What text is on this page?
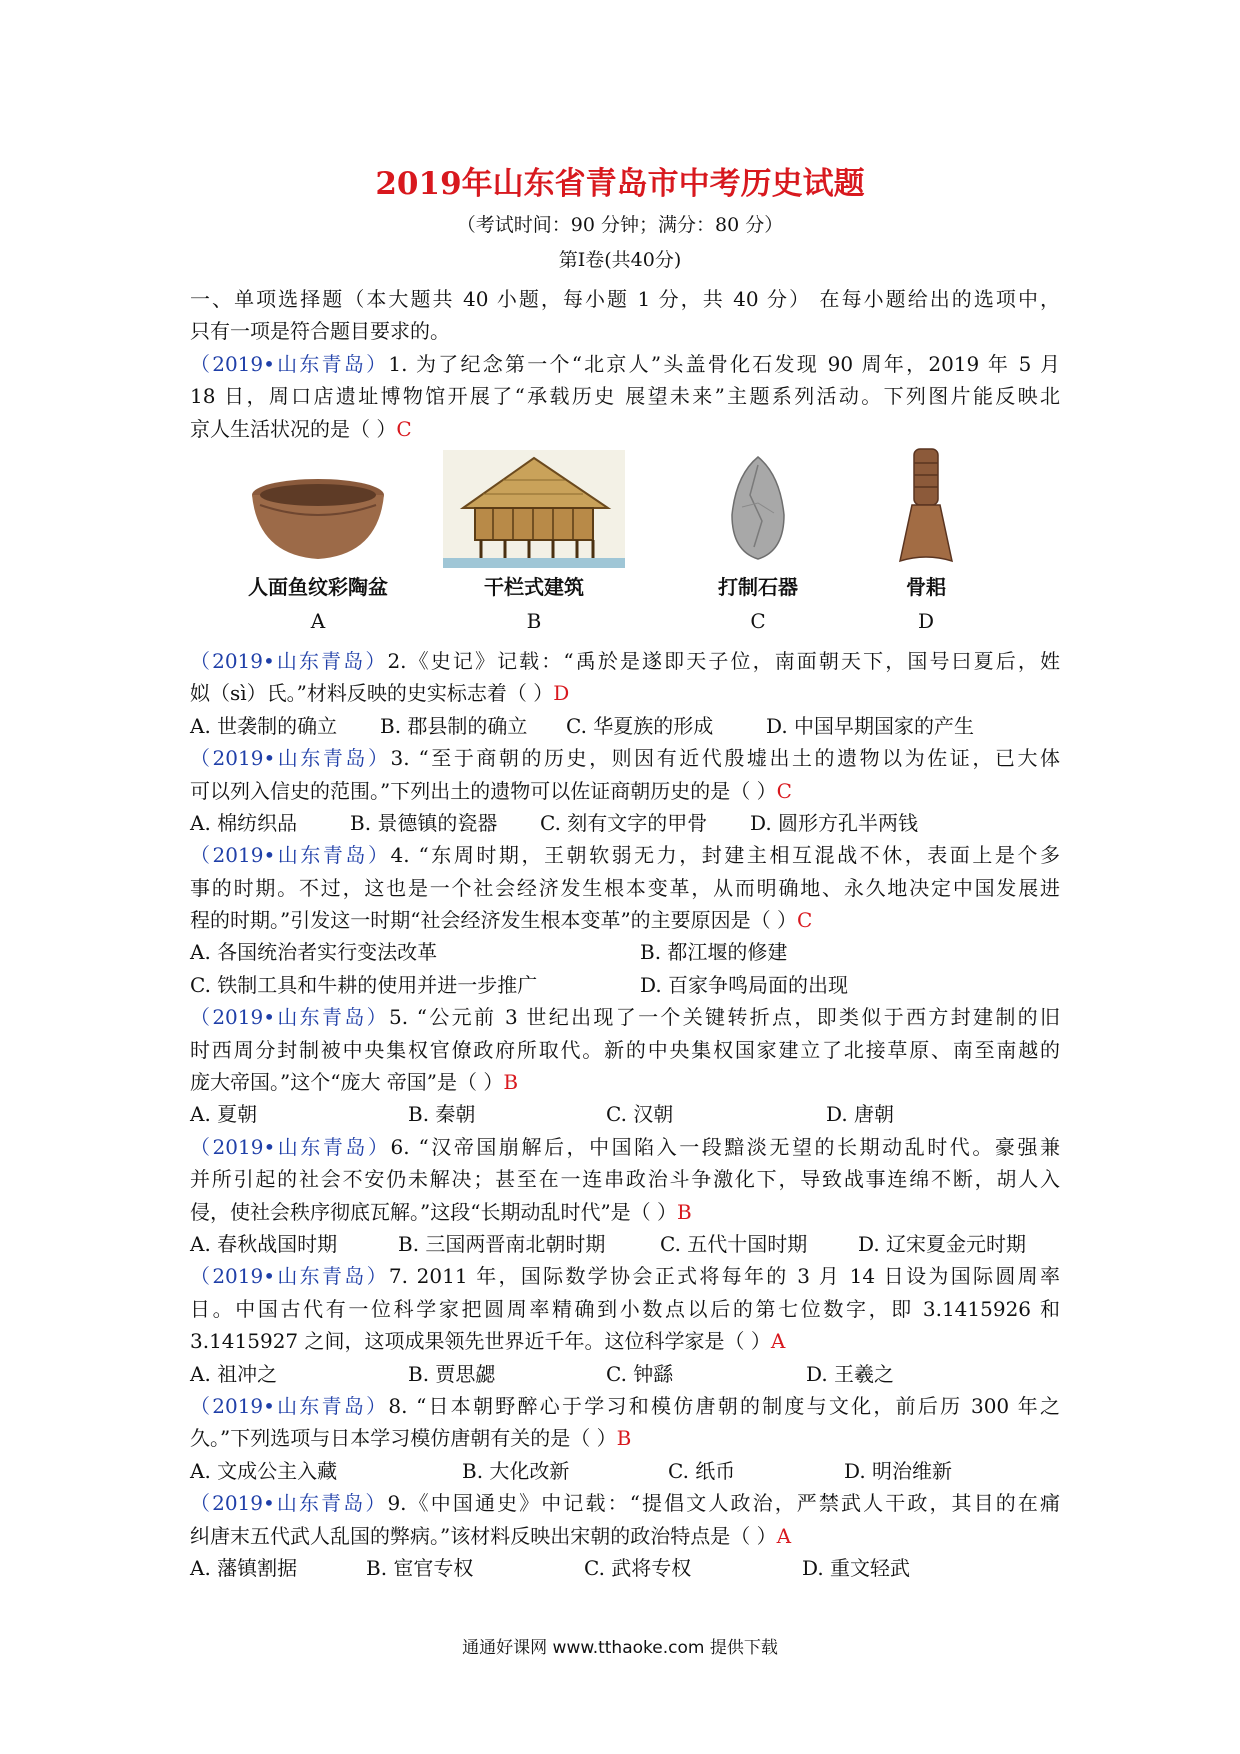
2019年山东省青岛市中考历史试题
（考试时间：90 分钟；满分：80 分）
第Ⅰ卷(共40分)
一、单项选择题（本大题共 40 小题，每小题 1 分，共 40 分） 在每小题给出的选项中，
只有一项是符合题目要求的。
（2019•山东青岛）1. 为了纪念第一个“北京人”头盖骨化石发现 90 周年，2019 年 5 月
18 日，周口店遗址博物馆开展了“承载历史 展望未来”主题系列活动。下列图片能反映北
京人生活状况的是（ ）C
人面鱼纹彩陶盆
A
干栏式建筑
B
打制石器
C
骨耜
D
（2019•山东青岛）2.《史记》记载：“禹於是遂即天子位，南面朝天下，国号曰夏后，姓
姒（sì）氏。”材料反映的史实标志着（ ）D
A. 世袭制的确立	B. 郡县制的确立	C. 华夏族的形成	D. 中国早期国家的产生
（2019•山东青岛）3. “至于商朝的历史，则因有近代殷墟出土的遗物以为佐证，已大体
可以列入信史的范围。”下列出土的遗物可以佐证商朝历史的是（ ）C
A. 棉纺织品	B. 景德镇的瓷器	C. 刻有文字的甲骨	D. 圆形方孔半两钱
（2019•山东青岛）4. “东周时期，王朝软弱无力，封建主相互混战不休，表面上是个多
事的时期。不过，这也是一个社会经济发生根本变革，从而明确地、永久地决定中国发展进
程的时期。”引发这一时期“社会经济发生根本变革”的主要原因是（ ）C
A. 各国统治者实行变法改革	B. 都江堰的修建
C. 铁制工具和牛耕的使用并进一步推广	D. 百家争鸣局面的出现
（2019•山东青岛）5. “公元前 3 世纪出现了一个关键转折点，即类似于西方封建制的旧
时西周分封制被中央集权官僚政府所取代。新的中央集权国家建立了北接草原、南至南越的
庞大帝国。”这个“庞大 帝国”是（ ）B
A. 夏朝	B. 秦朝	C. 汉朝	D. 唐朝
（2019•山东青岛）6. “汉帝国崩解后，中国陷入一段黯淡无望的长期动乱时代。豪强兼
并所引起的社会不安仍未解决；甚至在一连串政治斗争激化下，导致战事连绵不断，胡人入
侵，使社会秩序彻底瓦解。”这段“长期动乱时代”是（ ）B
A. 春秋战国时期	B. 三国两晋南北朝时期	C. 五代十国时期	D. 辽宋夏金元时期
（2019•山东青岛）7. 2011 年，国际数学协会正式将每年的 3 月 14 日设为国际圆周率
日。中国古代有一位科学家把圆周率精确到小数点以后的第七位数字，即 3.1415926 和
3.1415927 之间，这项成果领先世界近千年。这位科学家是（ ）A
A. 祖冲之	B. 贾思勰	C. 钟繇	D. 王羲之
（2019•山东青岛）8. “日本朝野醉心于学习和模仿唐朝的制度与文化，前后历 300 年之
久。”下列选项与日本学习模仿唐朝有关的是（ ）B
A. 文成公主入藏	B. 大化改新	C. 纸币	D. 明治维新
（2019•山东青岛）9.《中国通史》中记载：“提倡文人政治，严禁武人干政，其目的在痛
纠唐末五代武人乱国的弊病。”该材料反映出宋朝的政治特点是（ ）A
A. 藩镇割据	B. 宦官专权	C. 武将专权	D. 重文轻武
通通好课网 www.tthaoke.com 提供下载
